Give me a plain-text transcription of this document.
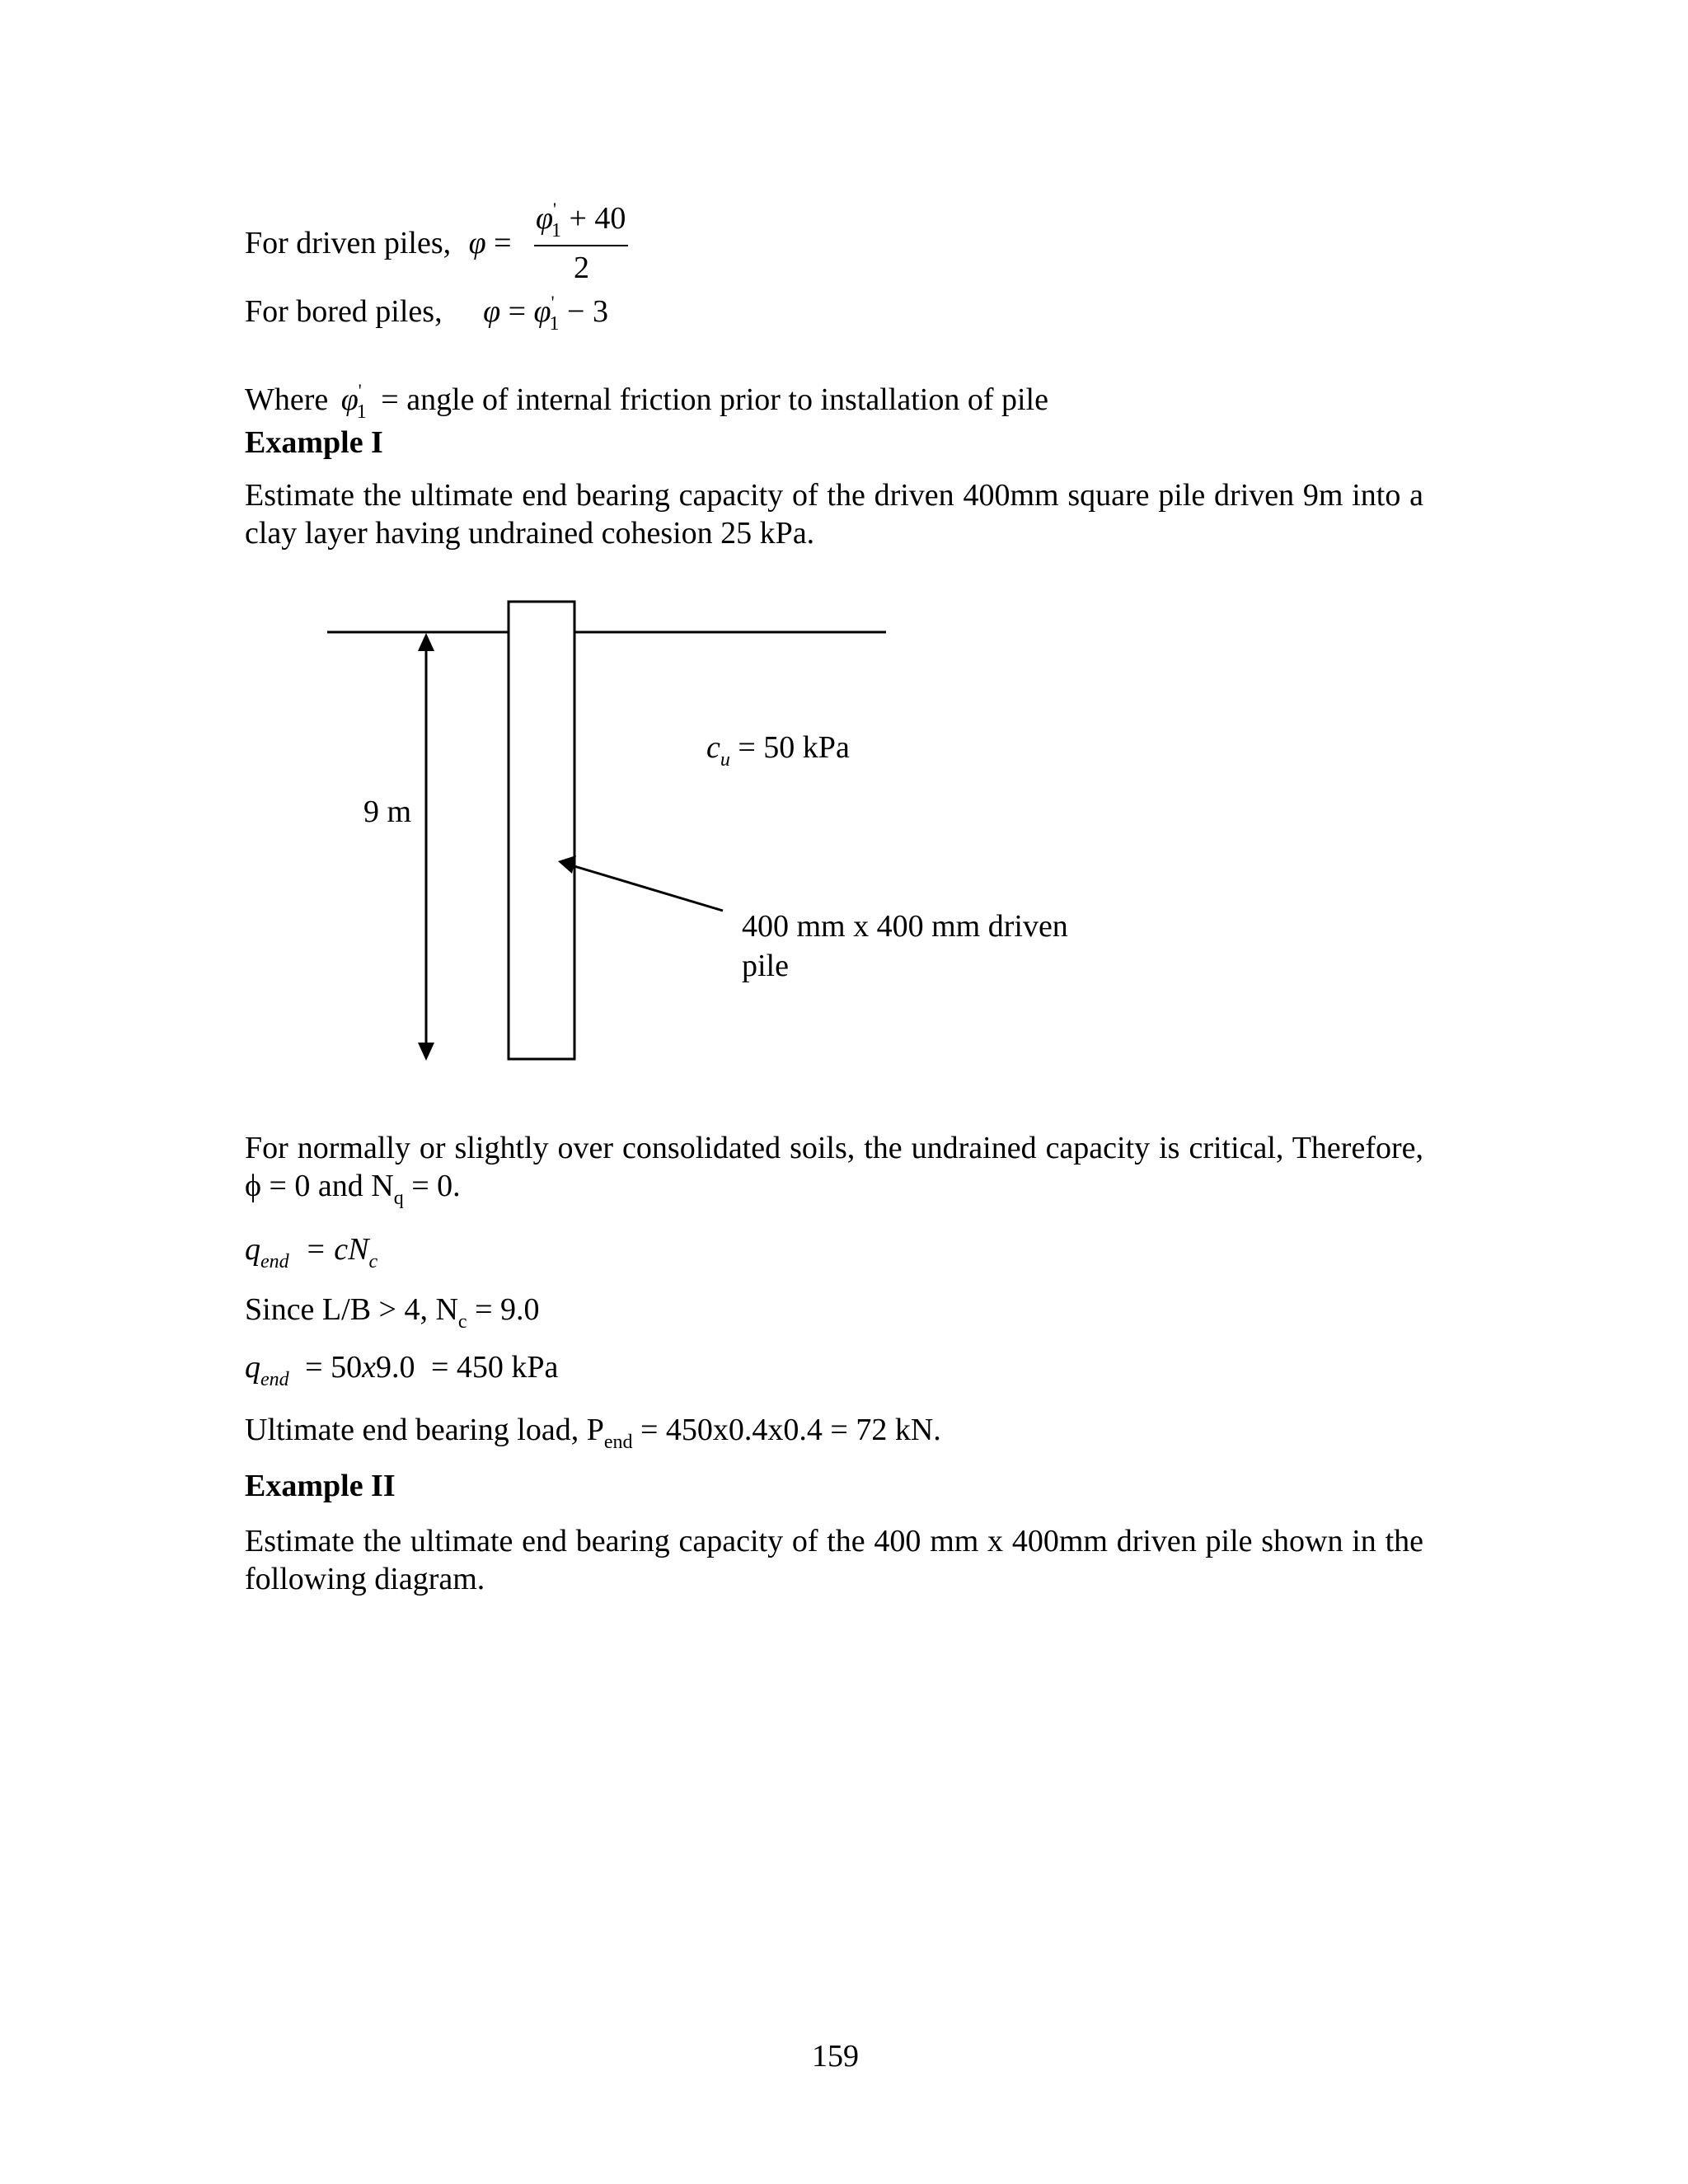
For driven piles, φ =
$\varphi'_1 + 40$
2
For bored piles, $\varphi = \varphi'_1 - 3$
Where $\varphi'_1$ = angle of internal friction prior to installation of pile
Example I
Estimate the ultimate end bearing capacity of the driven 400mm square pile driven 9m into a clay layer having undrained cohesion 25 kPa.
$c_u = 50$ kPa
9 m
400 mm x 400 mm driven
pile
For normally or slightly over consolidated soils, the undrained capacity is critical, Therefore, ϕ = 0 and $N_q = 0$.
$q_{end} = cN_c$
Since L/B > 4, $N_c = 9.0$
$q_{end} = 50x9.0 = 450$ kPa
Ultimate end bearing load, $P_{end} = 450x0.4x0.4 = 72$ kN.
Example II
Estimate the ultimate end bearing capacity of the 400 mm x 400mm driven pile shown in the following diagram.
159
